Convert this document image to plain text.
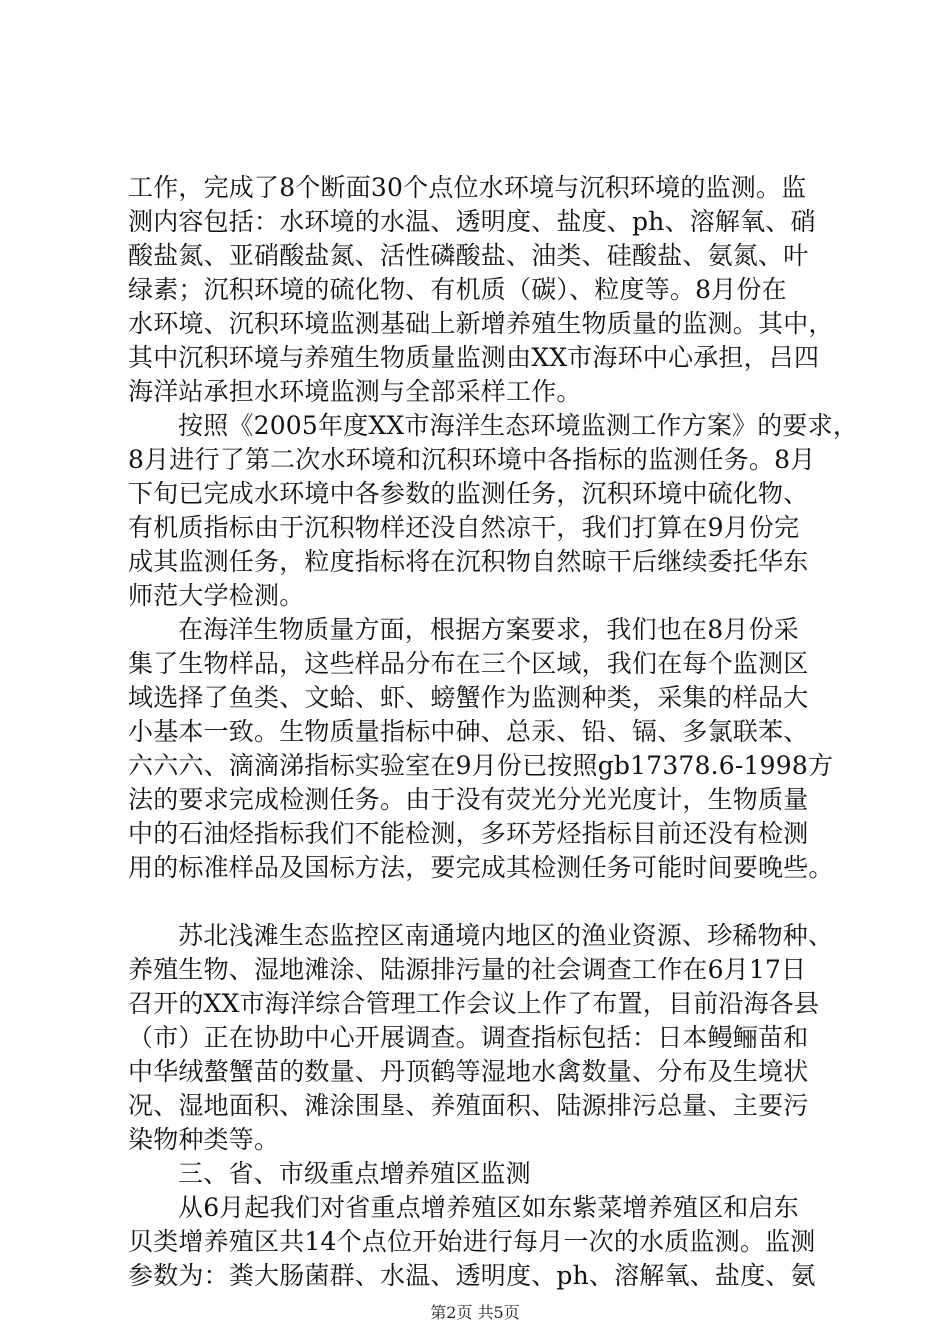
工作，完成了8个断面30个点位水环境与沉积环境的监测。监
测内容包括：水环境的水温、透明度、盐度、ph、溶解氧、硝
酸盐氮、亚硝酸盐氮、活性磷酸盐、油类、硅酸盐、氨氮、叶
绿素；沉积环境的硫化物、有机质（碳）、粒度等。8月份在
水环境、沉积环境监测基础上新增养殖生物质量的监测。其中，
其中沉积环境与养殖生物质量监测由XX市海环中心承担，吕四
海洋站承担水环境监测与全部采样工作。
按照《2005年度XX市海洋生态环境监测工作方案》的要求，
8月进行了第二次水环境和沉积环境中各指标的监测任务。8月
下旬已完成水环境中各参数的监测任务，沉积环境中硫化物、
有机质指标由于沉积物样还没自然凉干，我们打算在9月份完
成其监测任务，粒度指标将在沉积物自然晾干后继续委托华东
师范大学检测。
在海洋生物质量方面，根据方案要求，我们也在8月份采
集了生物样品，这些样品分布在三个区域，我们在每个监测区
域选择了鱼类、文蛤、虾、螃蟹作为监测种类，采集的样品大
小基本一致。生物质量指标中砷、总汞、铅、镉、多氯联苯、
六六六、滴滴涕指标实验室在9月份已按照gb17378.6-1998方
法的要求完成检测任务。由于没有荧光分光光度计，生物质量
中的石油烃指标我们不能检测，多环芳烃指标目前还没有检测
用的标准样品及国标方法，要完成其检测任务可能时间要晚些。
苏北浅滩生态监控区南通境内地区的渔业资源、珍稀物种、
养殖生物、湿地滩涂、陆源排污量的社会调查工作在6月17日
召开的XX市海洋综合管理工作会议上作了布置，目前沿海各县
（市）正在协助中心开展调查。调查指标包括：日本鳗鲡苗和
中华绒螯蟹苗的数量、丹顶鹤等湿地水禽数量、分布及生境状
况、湿地面积、滩涂围垦、养殖面积、陆源排污总量、主要污
染物种类等。
三、省、市级重点增养殖区监测
从6月起我们对省重点增养殖区如东紫菜增养殖区和启东
贝类增养殖区共14个点位开始进行每月一次的水质监测。监测
第2页 共5页
参数为：粪大肠菌群、水温、透明度、ph、溶解氧、盐度、氨
